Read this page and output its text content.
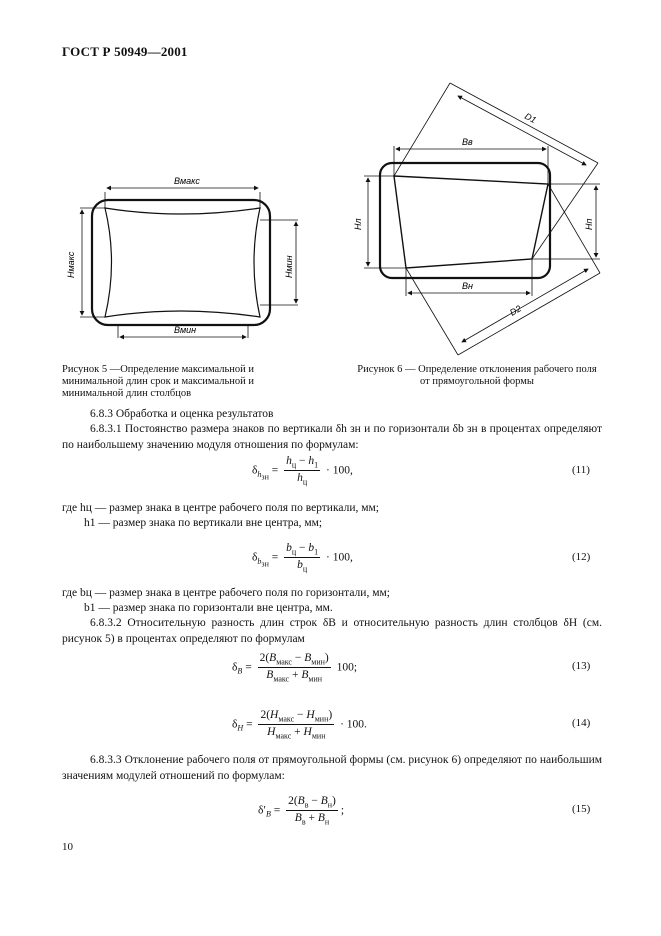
ГОСТ Р 50949—2001
Bмакс
Bмин
Hмакс	Hмин
Рисунок 5 —Определение максимальной и минимальной длин срок и максимальной и минимальной длин столбцов
Bв
Bн
Hл	Hп
D1
D2
Рисунок 6 — Определение отклонения рабочего поля от прямоугольной формы
6.8.3 Обработка и оценка результатов
6.8.3.1 Постоянство размера знаков по вертикали δh зн и по горизонтали δb зн в процентах определяют по наибольшему значению модуля отношения по формулам:
$\delta_{h_{зн}} = \frac{h_ц - h_1}{h_ц} \cdot 100$,	(11)
где hц — размер знака в центре рабочего поля по вертикали, мм;
h1 — размер знака по вертикали вне центра, мм;
$\delta_{b_{зн}} = \frac{b_ц - b_1}{b_ц} \cdot 100$,	(12)
где bц — размер знака в центре рабочего поля по горизонтали, мм;
b1 — размер знака по горизонтали вне центра, мм.
6.8.3.2 Относительную разность длин строк δB и относительную разность длин столбцов δH (см. рисунок 5) в процентах определяют по формулам
$\delta_B = \frac{2(B_{макс} - B_{мин})}{B_{макс} + B_{мин}} 100$;	(13)
$\delta_H = \frac{2(H_{макс} - H_{мин})}{H_{макс} + H_{мин}} \cdot 100$.	(14)
6.8.3.3 Отклонение рабочего поля от прямоугольной формы (см. рисунок 6) определяют по наибольшим значениям модулей отношений по формулам:
$\delta'_B = \frac{2(B_в - B_н)}{B_в + B_н}$ ;	(15)
10
